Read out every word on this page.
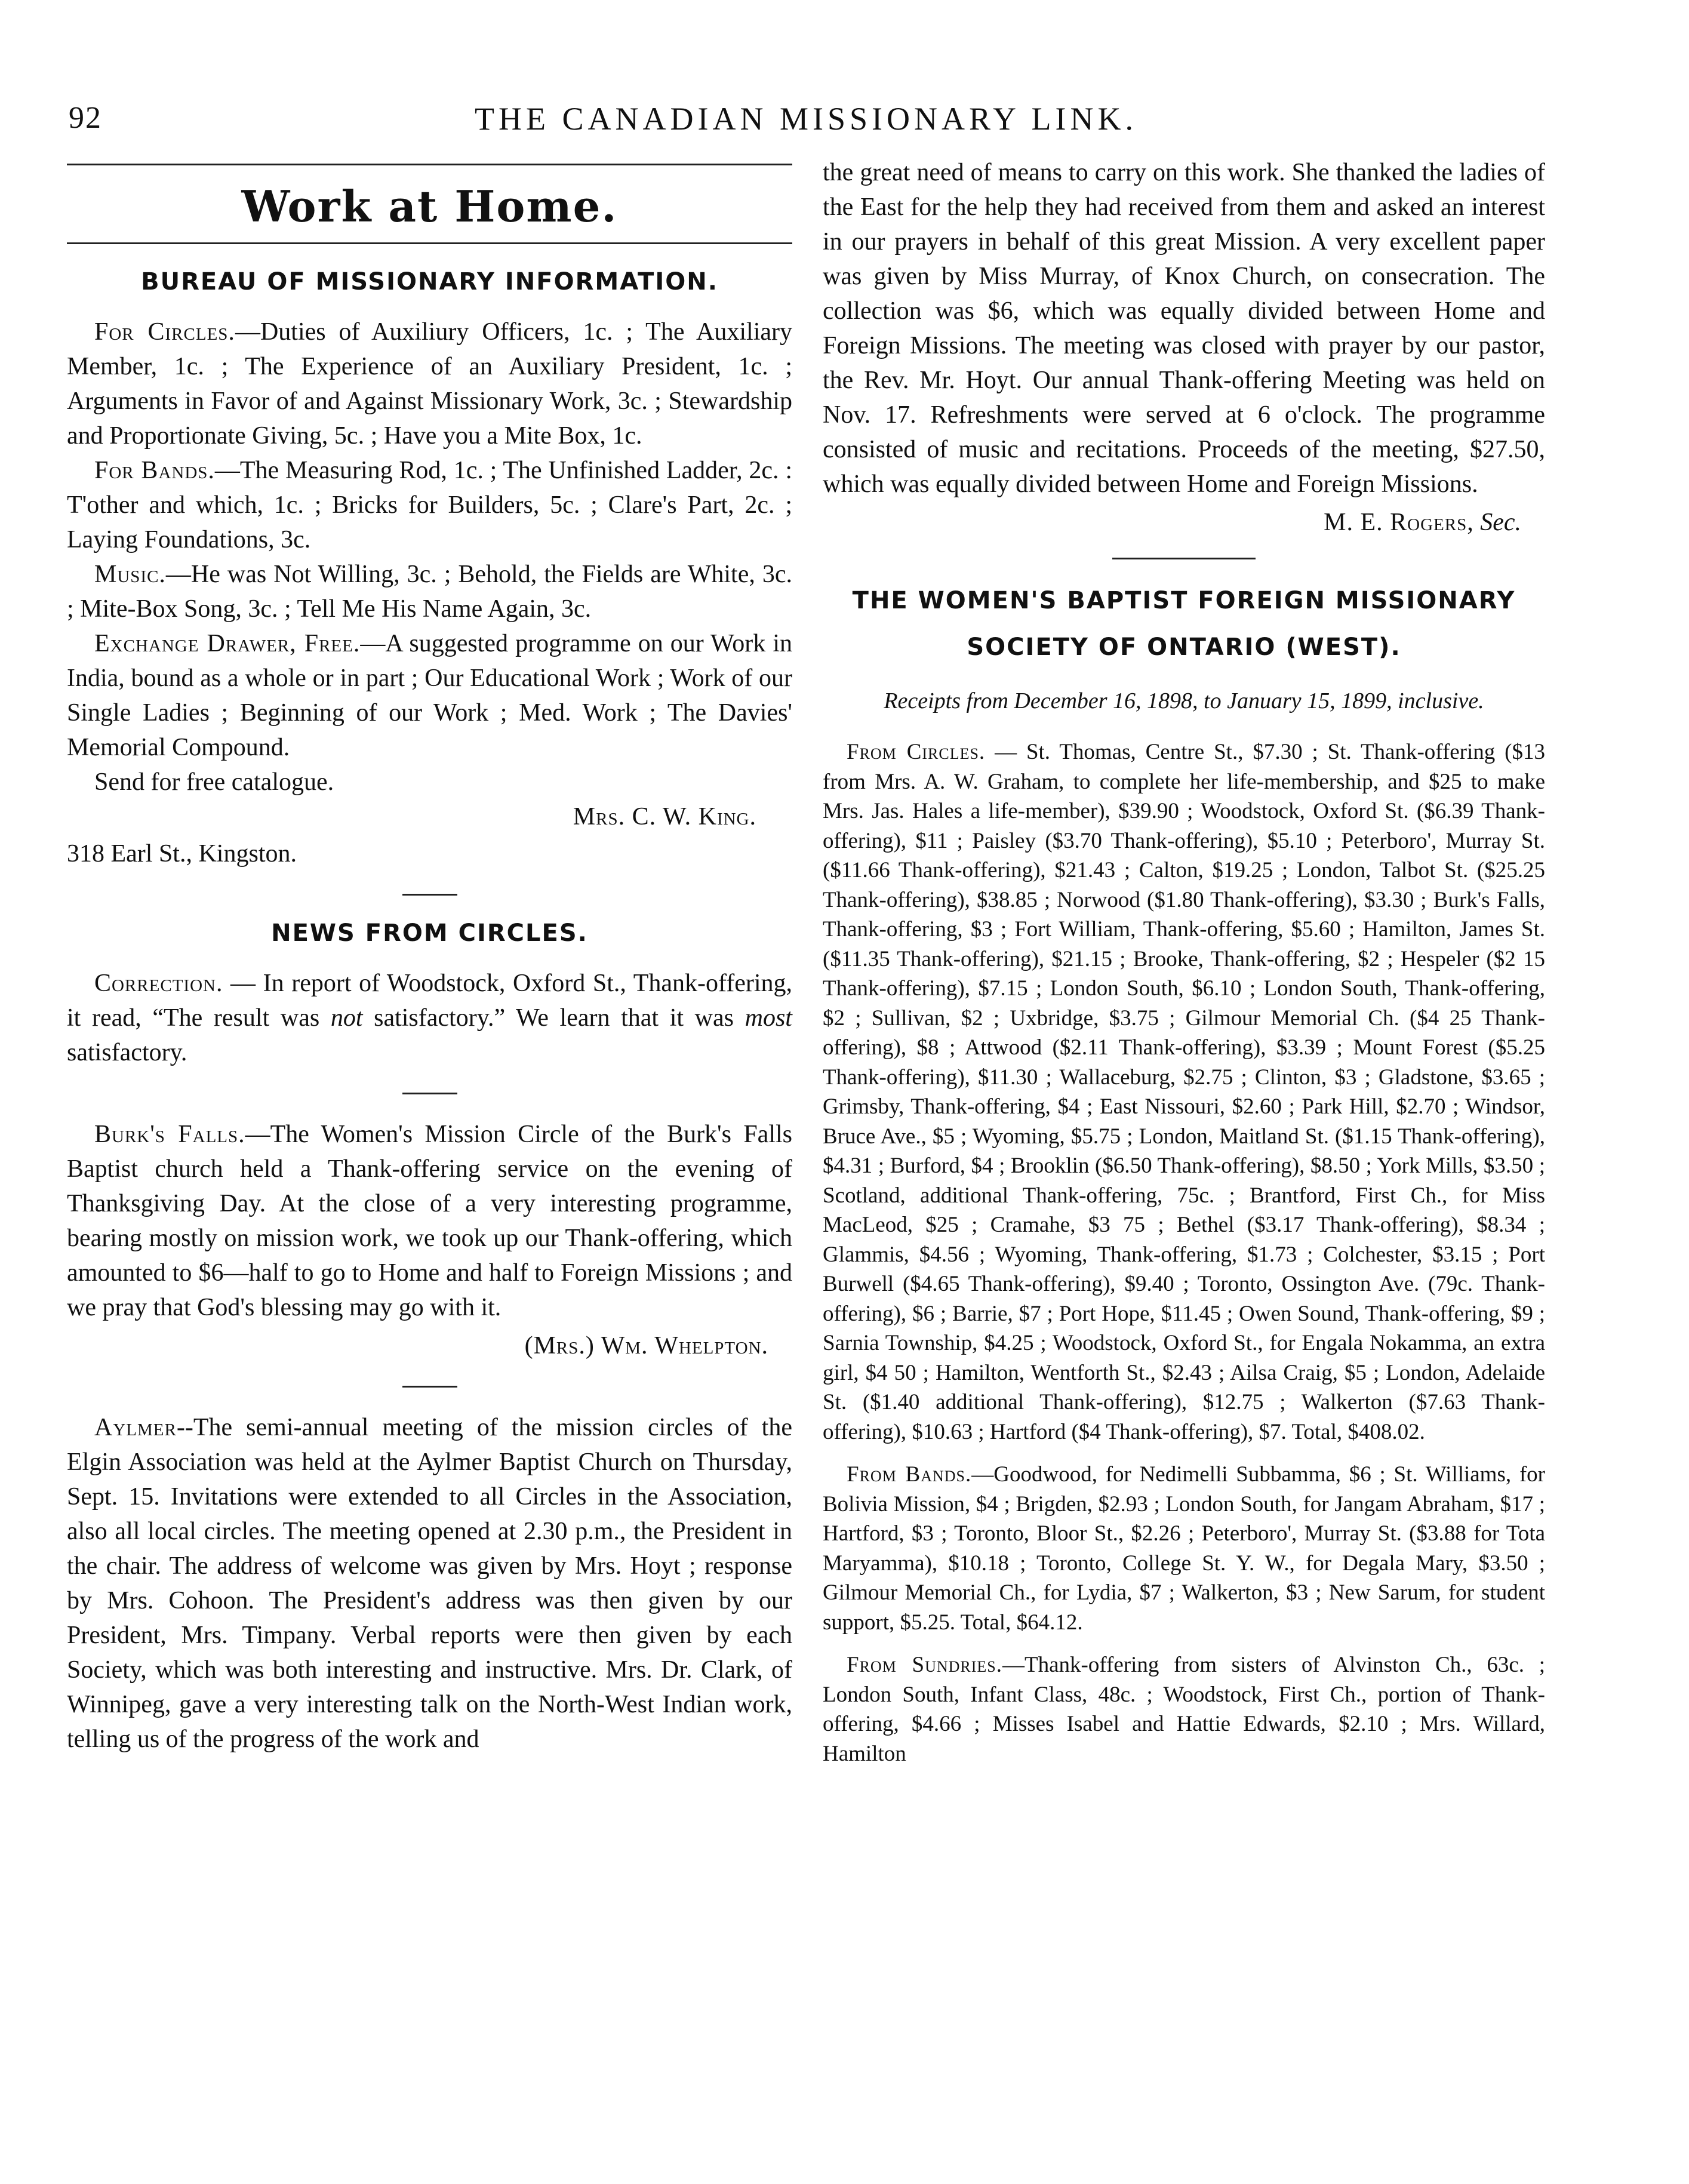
92	THE CANADIAN MISSIONARY LINK.
Work at Home.
BUREAU OF MISSIONARY INFORMATION.

For Circles.—Duties of Auxiliury Officers, 1c. ; The Auxiliary Member, 1c. ; The Experience of an Auxiliary President, 1c. ; Arguments in Favor of and Against Missionary Work, 3c. ; Stewardship and Proportionate Giving, 5c. ; Have you a Mite Box, 1c.

For Bands.—The Measuring Rod, 1c. ; The Unfinished Ladder, 2c. : T'other and which, 1c. ; Bricks for Builders, 5c. ; Clare's Part, 2c. ; Laying Foundations, 3c.

Music.—He was Not Willing, 3c. ; Behold, the Fields are White, 3c. ; Mite-Box Song, 3c. ; Tell Me His Name Again, 3c.

Exchange Drawer, Free.—A suggested programme on our Work in India, bound as a whole or in part ; Our Educational Work ; Work of our Single Ladies ; Beginning of our Work ; Med. Work ; The Davies' Memorial Compound.

Send for free catalogue.

Mrs. C. W. King.
318 Earl St., Kingston.
NEWS FROM CIRCLES.

Correction. — In report of Woodstock, Oxford St., Thank-offering, it read, “The result was not satisfactory.” We learn that it was most satisfactory.

Burk's Falls.—The Women's Mission Circle of the Burk's Falls Baptist church held a Thank-offering service on the evening of Thanksgiving Day. At the close of a very interesting programme, bearing mostly on mission work, we took up our Thank-offering, which amounted to $6—half to go to Home and half to Foreign Missions ; and we pray that God's blessing may go with it.

(Mrs.) Wm. Whelpton.

Aylmer--The semi-annual meeting of the mission circles of the Elgin Association was held at the Aylmer Baptist Church on Thursday, Sept. 15. Invitations were extended to all Circles in the Association, also all local circles. The meeting opened at 2.30 p.m., the President in the chair. The address of welcome was given by Mrs. Hoyt ; response by Mrs. Cohoon. The President's address was then given by our President, Mrs. Timpany. Verbal reports were then given by each Society, which was both interesting and instructive. Mrs. Dr. Clark, of Winnipeg, gave a very interesting talk on the North-West Indian work, telling us of the progress of the work and

the great need of means to carry on this work. She thanked the ladies of the East for the help they had received from them and asked an interest in our prayers in behalf of this great Mission. A very excellent paper was given by Miss Murray, of Knox Church, on consecration. The collection was $6, which was equally divided between Home and Foreign Missions. The meeting was closed with prayer by our pastor, the Rev. Mr. Hoyt. Our annual Thank-offering Meeting was held on Nov. 17. Refreshments were served at 6 o'clock. The programme consisted of music and recitations. Proceeds of the meeting, $27.50, which was equally divided between Home and Foreign Missions.

M. E. Rogers, Sec.
THE WOMEN'S BAPTIST FOREIGN MISSIONARY
SOCIETY OF ONTARIO (WEST).
Receipts from December 16, 1898, to January 15, 1899, inclusive.

From Circles. — St. Thomas, Centre St., $7.30 ; St. Thank-offering ($13 from Mrs. A. W. Graham, to complete her life-membership, and $25 to make Mrs. Jas. Hales a life-member), $39.90 ; Woodstock, Oxford St. ($6.39 Thank-offering), $11 ; Paisley ($3.70 Thank-offering), $5.10 ; Peterboro', Murray St. ($11.66 Thank-offering), $21.43 ; Calton, $19.25 ; London, Talbot St. ($25.25 Thank-offering), $38.85 ; Norwood ($1.80 Thank-offering), $3.30 ; Burk's Falls, Thank-offering, $3 ; Fort William, Thank-offering, $5.60 ; Hamilton, James St. ($11.35 Thank-offering), $21.15 ; Brooke, Thank-offering, $2 ; Hespeler ($2 15 Thank-offering), $7.15 ; London South, $6.10 ; London South, Thank-offering, $2 ; Sullivan, $2 ; Uxbridge, $3.75 ; Gilmour Memorial Ch. ($4 25 Thank-offering), $8 ; Attwood ($2.11 Thank-offering), $3.39 ; Mount Forest ($5.25 Thank-offering), $11.30 ; Wallaceburg, $2.75 ; Clinton, $3 ; Gladstone, $3.65 ; Grimsby, Thank-offering, $4 ; East Nissouri, $2.60 ; Park Hill, $2.70 ; Windsor, Bruce Ave., $5 ; Wyoming, $5.75 ; London, Maitland St. ($1.15 Thank-offering), $4.31 ; Burford, $4 ; Brooklin ($6.50 Thank-offering), $8.50 ; York Mills, $3.50 ; Scotland, additional Thank-offering, 75c. ; Brantford, First Ch., for Miss MacLeod, $25 ; Cramahe, $3 75 ; Bethel ($3.17 Thank-offering), $8.34 ; Glammis, $4.56 ; Wyoming, Thank-offering, $1.73 ; Colchester, $3.15 ; Port Burwell ($4.65 Thank-offering), $9.40 ; Toronto, Ossington Ave. (79c. Thank-offering), $6 ; Barrie, $7 ; Port Hope, $11.45 ; Owen Sound, Thank-offering, $9 ; Sarnia Township, $4.25 ; Woodstock, Oxford St., for Engala Nokamma, an extra girl, $4 50 ; Hamilton, Wentforth St., $2.43 ; Ailsa Craig, $5 ; London, Adelaide St. ($1.40 additional Thank-offering), $12.75 ; Walkerton ($7.63 Thank-offering), $10.63 ; Hartford ($4 Thank-offering), $7. Total, $408.02.

From Bands.—Goodwood, for Nedimelli Subbamma, $6 ; St. Williams, for Bolivia Mission, $4 ; Brigden, $2.93 ; London South, for Jangam Abraham, $17 ; Hartford, $3 ; Toronto, Bloor St., $2.26 ; Peterboro', Murray St. ($3.88 for Tota Maryamma), $10.18 ; Toronto, College St. Y. W., for Degala Mary, $3.50 ; Gilmour Memorial Ch., for Lydia, $7 ; Walkerton, $3 ; New Sarum, for student support, $5.25. Total, $64.12.

From Sundries.—Thank-offering from sisters of Alvinston Ch., 63c. ; London South, Infant Class, 48c. ; Woodstock, First Ch., portion of Thank-offering, $4.66 ; Misses Isabel and Hattie Edwards, $2.10 ; Mrs. Willard, Hamilton
